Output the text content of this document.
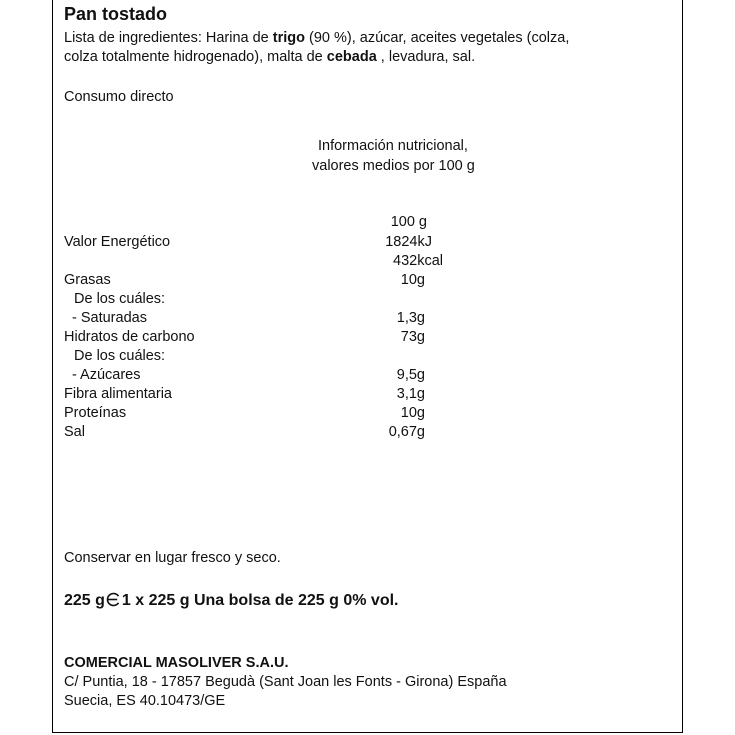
Pan tostado
Lista de ingredientes: Harina de trigo (90 %), azúcar, aceites vegetales (colza,
colza totalmente hidrogenado), malta de cebada , levadura, sal.
Consumo directo
Información nutricional,
valores medios por 100 g
100 g
Valor Energético	1824kJ
432kcal
Grasas	10g
De los cuáles:
- Saturadas	1,3g
Hidratos de carbono	73g
De los cuáles:
- Azúcares	9,5g
Fibra alimentaria	3,1g
Proteínas	10g
Sal	0,67g
Conservar en lugar fresco y seco.
225 g 1 x 225 g Una bolsa de 225 g 0% vol.
COMERCIAL MASOLIVER S.A.U.
C/ Puntia, 18 - 17857 Begudà (Sant Joan les Fonts - Girona) España
Suecia, ES 40.10473/GE
